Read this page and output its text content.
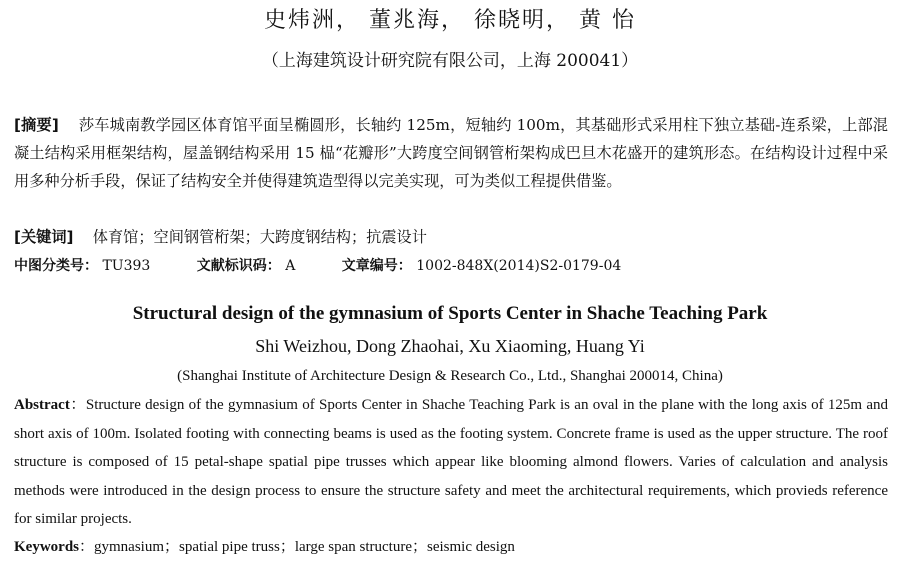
史炜洲， 董兆海， 徐晓明， 黄 怡
（上海建筑设计研究院有限公司，上海 200041）
[摘要] 莎车城南教学园区体育馆平面呈椭圆形，长轴约 125m，短轴约 100m，其基础形式采用柱下独立基础-连系梁，上部混凝土结构采用框架结构，屋盖钢结构采用 15 榀“花瓣形”大跨度空间钢管桁架构成巴旦木花盛开的建筑形态。在结构设计过程中采用多种分析手段，保证了结构安全并使得建筑造型得以完美实现，可为类似工程提供借鉴。
[关键词] 体育馆；空间钢管桁架；大跨度钢结构；抗震设计
中图分类号： TU393	文献标识码： A	文章编号： 1002-848X(2014)S2-0179-04
Structural design of the gymnasium of Sports Center in Shache Teaching Park
Shi Weizhou, Dong Zhaohai, Xu Xiaoming, Huang Yi
(Shanghai Institute of Architecture Design & Research Co., Ltd., Shanghai 200014, China)
Abstract：Structure design of the gymnasium of Sports Center in Shache Teaching Park is an oval in the plane with the long axis of 125m and short axis of 100m. Isolated footing with connecting beams is used as the footing system. Concrete frame is used as the upper structure. The roof structure is composed of 15 petal-shape spatial pipe trusses which appear like blooming almond flowers. Varies of calculation and analysis methods were introduced in the design process to ensure the structure safety and meet the architectural requirements, which provieds reference for similar projects.
Keywords：gymnasium；spatial pipe truss；large span structure；seismic design
